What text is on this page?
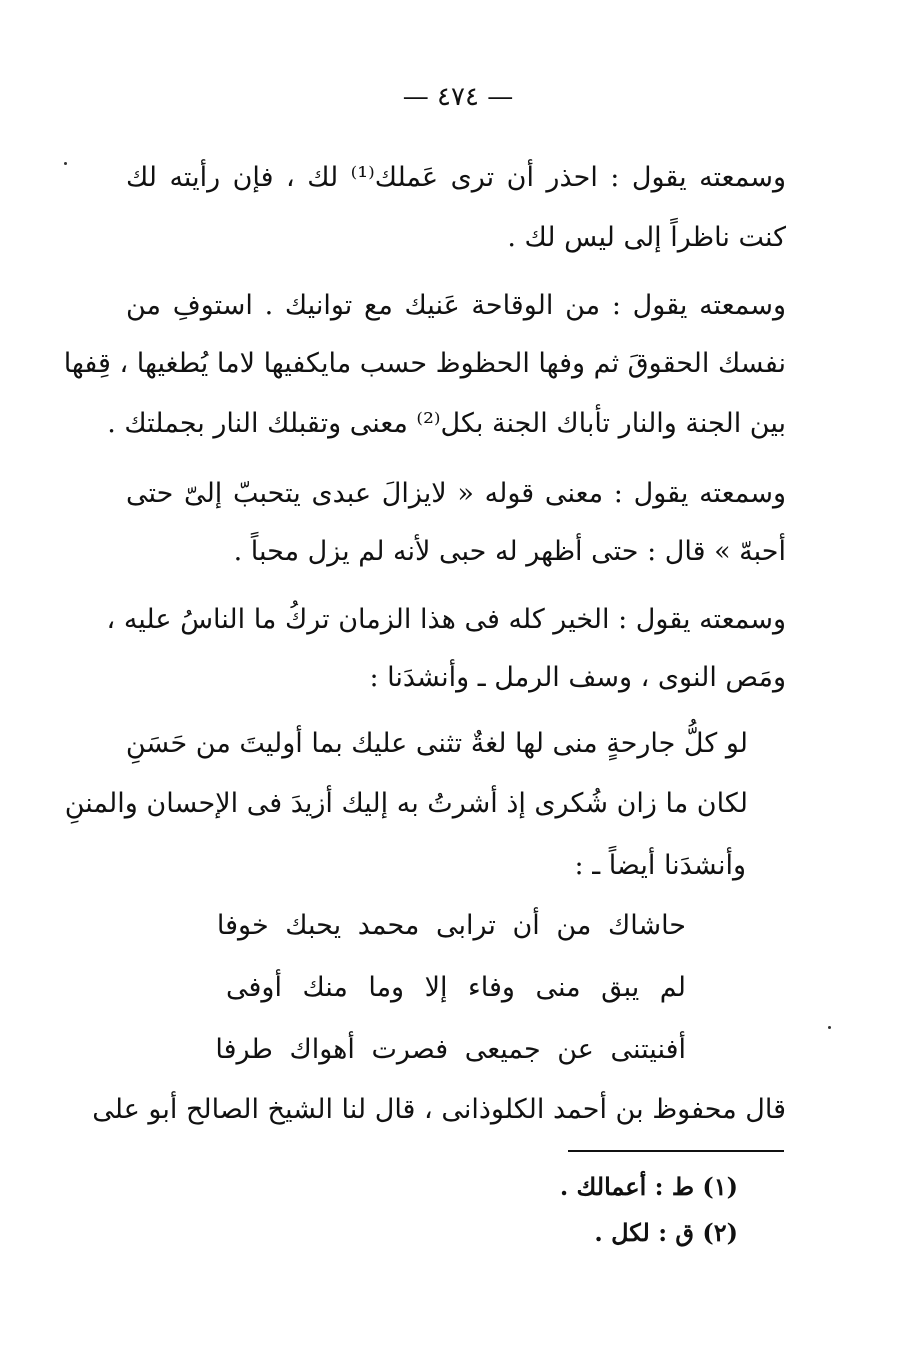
— ٤٧٤ —
وسمعته يقول : احذر أن ترى عَملك⁽¹⁾ لك ، فإن رأيته لك
كنت ناظراً إلى ليس لك .
وسمعته يقول : من الوقاحة عَنيك مع توانيك . استوفِ من
نفسك الحقوقَ ثم وفها الحظوظ حسب مايكفيها لاما يُطغيها ، قِفها
بين الجنة والنار تأباك الجنة بكل⁽²⁾ معنى وتقبلك النار بجملتك .
وسمعته يقول : معنى قوله « لايزالَ عبدى يتحببّ إلىّ حتى
أحبهّ » قال : حتى أظهر له حبى لأنه لم يزل محباً .
وسمعته يقول : الخير كله فى هذا الزمان تركُ ما الناسُ عليه ،
ومَص النوى ، وسف الرمل ـ وأنشدَنا :
لو كلُّ جارحةٍ منى لها لغةٌ تثنى عليك بما أوليتَ من حَسَنِ
لكان ما زان شُكرى إذ أشرتُ به إليك أزيدَ فى الإحسان والمننِ
وأنشدَنا أيضاً ـ :
حاشاك من أن ترابى محمد يحبك خوفا
لم يبق منى وفاء إلا وما منك أوفى
أفنيتنى عن جميعى فصرت أهواك طرفا
قال محفوظ بن أحمد الكلوذانى ، قال لنا الشيخ الصالح أبو على
(١) ط : أعمالك .
(٢) ق : لكل .
